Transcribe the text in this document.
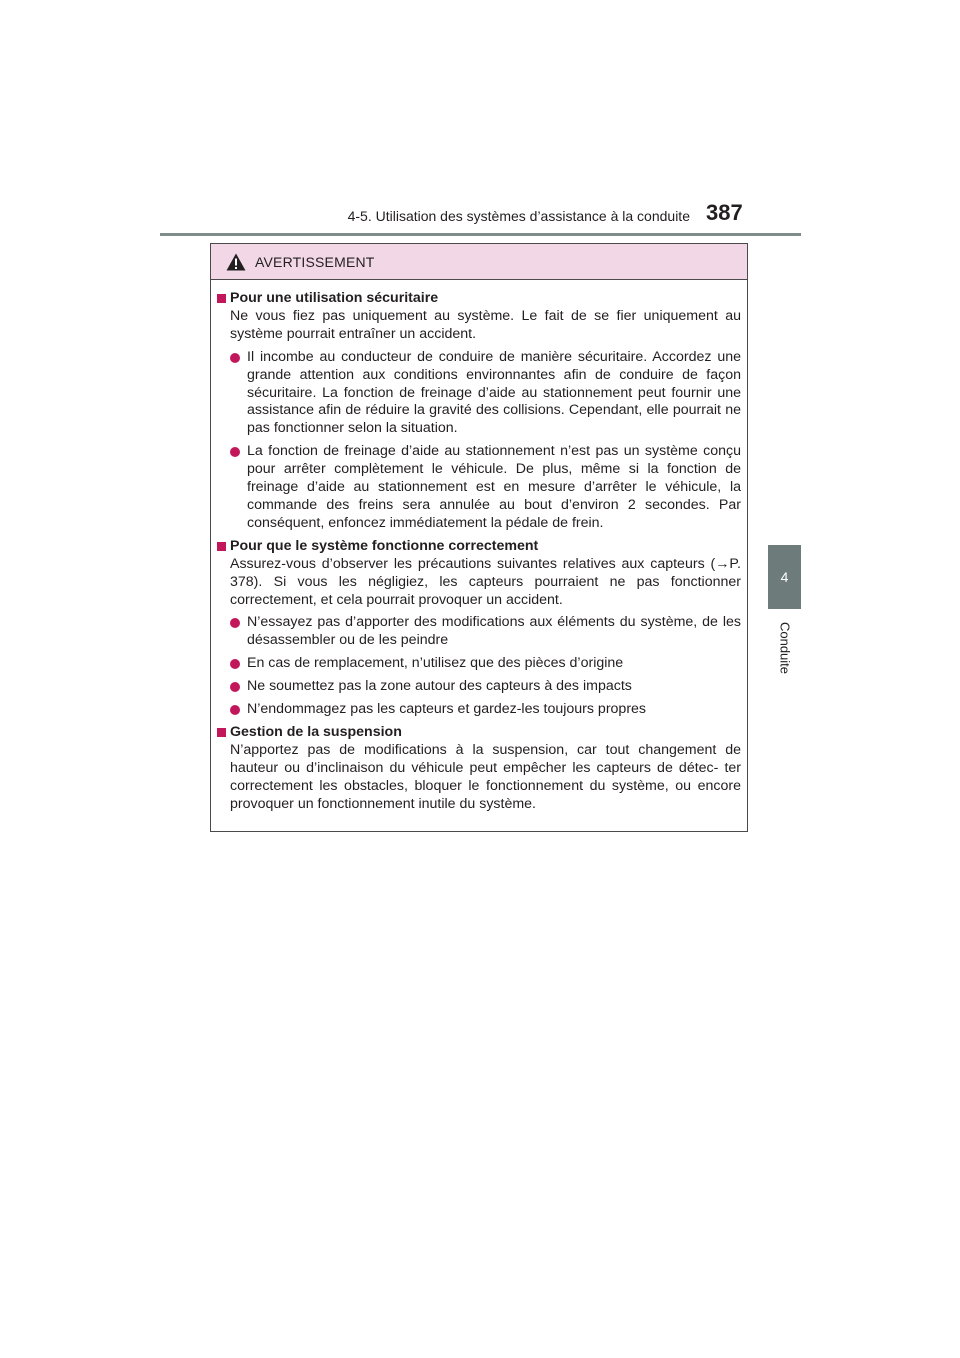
4-5. Utilisation des systèmes d’assistance à la conduite 387
4
Conduite
AVERTISSEMENT
Pour une utilisation sécuritaire
Ne vous fiez pas uniquement au système. Le fait de se fier uniquement au système pourrait entraîner un accident.
Il incombe au conducteur de conduire de manière sécuritaire. Accordez une grande attention aux conditions environnantes afin de conduire de façon sécuritaire. La fonction de freinage d’aide au stationnement peut fournir une assistance afin de réduire la gravité des collisions. Cependant, elle pourrait ne pas fonctionner selon la situation.
La fonction de freinage d’aide au stationnement n’est pas un système conçu pour arrêter complètement le véhicule. De plus, même si la fonction de freinage d’aide au stationnement est en mesure d’arrêter le véhicule, la commande des freins sera annulée au bout d’environ 2 secondes. Par conséquent, enfoncez immédiatement la pédale de frein.
Pour que le système fonctionne correctement
Assurez-vous d’observer les précautions suivantes relatives aux capteurs (→P. 378). Si vous les négligiez, les capteurs pourraient ne pas fonctionner correctement, et cela pourrait provoquer un accident.
N’essayez pas d’apporter des modifications aux éléments du système, de les désassembler ou de les peindre
En cas de remplacement, n’utilisez que des pièces d’origine
Ne soumettez pas la zone autour des capteurs à des impacts
N’endommagez pas les capteurs et gardez-les toujours propres
Gestion de la suspension
N’apportez pas de modifications à la suspension, car tout changement de hauteur ou d’inclinaison du véhicule peut empêcher les capteurs de détec- ter correctement les obstacles, bloquer le fonctionnement du système, ou encore provoquer un fonctionnement inutile du système.
